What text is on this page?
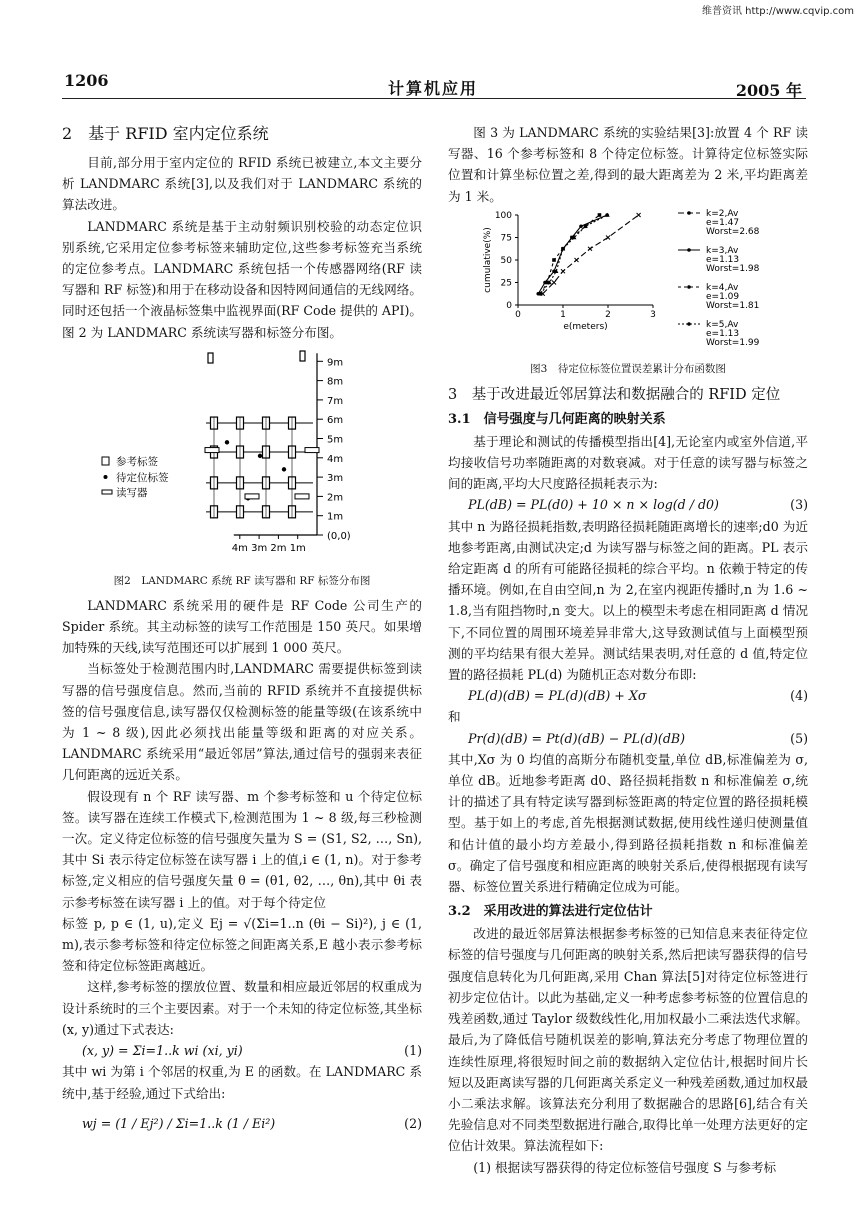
维普资讯 http://www.cqvip.com
1206	计算机应用	2005 年

2　基于 RFID 室内定位系统

目前,部分用于室内定位的 RFID 系统已被建立,本文主要分析 LANDMARC 系统[3],以及我们对于 LANDMARC 系统的算法改进。

LANDMARC 系统是基于主动射频识别校验的动态定位识别系统,它采用定位参考标签来辅助定位,这些参考标签充当系统的定位参考点。LANDMARC 系统包括一个传感器网络(RF 读写器和 RF 标签)和用于在移动设备和因特网间通信的无线网络。同时还包括一个液晶标签集中监视界面(RF Code 提供的 API)。图 2 为 LANDMARC 系统读写器和标签分布图。

9m
8m
7m
6m
5m
4m
3m
2m
1m
(0,0)
4m 3m 2m 1m
参考标签
待定位标签
读写器
图2　LANDMARC 系统 RF 读写器和 RF 标签分布图

LANDMARC 系统采用的硬件是 RF Code 公司生产的 Spider 系统。其主动标签的读写工作范围是 150 英尺。如果增加特殊的天线,读写范围还可以扩展到 1 000 英尺。

当标签处于检测范围内时,LANDMARC 需要提供标签到读写器的信号强度信息。然而,当前的 RFID 系统并不直接提供标签的信号强度信息,读写器仅仅检测标签的能量等级(在该系统中为 1 ~ 8 级),因此必须找出能量等级和距离的对应关系。LANDMARC 系统采用“最近邻居”算法,通过信号的强弱来表征几何距离的远近关系。

假设现有 n 个 RF 读写器、m 个参考标签和 u 个待定位标签。读写器在连续工作模式下,检测范围为 1 ~ 8 级,每三秒检测一次。定义待定位标签的信号强度矢量为 S = (S1, S2, …, Sn),其中 Si 表示待定位标签在读写器 i 上的值,i ∈ (1, n)。对于参考标签,定义相应的信号强度矢量 θ = (θ1, θ2, …, θn),其中 θi 表示参考标签在读写器 i 上的值。对于每个待定位

标签 p, p ∈ (1, u),定义 Ej = √(Σi=1..n (θi − Si)²), j ∈ (1, m),表示参考标签和待定位标签之间距离关系,E 越小表示参考标签和待定位标签距离越近。

这样,参考标签的摆放位置、数量和相应最近邻居的权重成为设计系统时的三个主要因素。对于一个未知的待定位标签,其坐标(x, y)通过下式表达:

(x, y) = Σi=1..k wi (xi, yi)	(1)

其中 wi 为第 i 个邻居的权重,为 E 的函数。在 LANDMARC 系统中,基于经验,通过下式给出:

wj = (1 / Ej²) / Σi=1..k (1 / Ei²)	(2)

图 3 为 LANDMARC 系统的实验结果[3]:放置 4 个 RF 读写器、16 个参考标签和 8 个待定位标签。计算待定位标签实际位置和计算坐标位置之差,得到的最大距离差为 2 米,平均距离差为 1 米。

0
25
50
75
100
0	1	2	3
e(meters)
cumulative(%)
k=2,Av
e=1.47
Worst=2.68
k=3,Av
e=1.13
Worst=1.98
k=4,Av
e=1.09
Worst=1.81
k=5,Av
e=1.13
Worst=1.99
图3　待定位标签位置误差累计分布函数图

3　基于改进最近邻居算法和数据融合的 RFID 定位

3.1　信号强度与几何距离的映射关系

基于理论和测试的传播模型指出[4],无论室内或室外信道,平均接收信号功率随距离的对数衰减。对于任意的读写器与标签之间的距离,平均大尺度路径损耗表示为:

PL(dB) = PL(d0) + 10 × n × log(d / d0)	(3)

其中 n 为路径损耗指数,表明路径损耗随距离增长的速率;d0 为近地参考距离,由测试决定;d 为读写器与标签之间的距离。PL 表示给定距离 d 的所有可能路径损耗的综合平均。n 依赖于特定的传播环境。例如,在自由空间,n 为 2,在室内视距传播时,n 为 1.6 ~ 1.8,当有阻挡物时,n 变大。以上的模型未考虑在相同距离 d 情况下,不同位置的周围环境差异非常大,这导致测试值与上面模型预测的平均结果有很大差异。测试结果表明,对任意的 d 值,特定位置的路径损耗 PL(d) 为随机正态对数分布即:

PL(d)(dB) = PL(d)(dB) + Xσ	(4)

和

Pr(d)(dB) = Pt(d)(dB) − PL(d)(dB)	(5)

其中,Xσ 为 0 均值的高斯分布随机变量,单位 dB,标准偏差为 σ,单位 dB。近地参考距离 d0、路径损耗指数 n 和标准偏差 σ,统计的描述了具有特定读写器到标签距离的特定位置的路径损耗模型。基于如上的考虑,首先根据测试数据,使用线性递归使测量值和估计值的最小均方差最小,得到路径损耗指数 n 和标准偏差 σ。确定了信号强度和相应距离的映射关系后,使得根据现有读写器、标签位置关系进行精确定位成为可能。

3.2　采用改进的算法进行定位估计

改进的最近邻居算法根据参考标签的已知信息来表征待定位标签的信号强度与几何距离的映射关系,然后把读写器获得的信号强度信息转化为几何距离,采用 Chan 算法[5]对待定位标签进行初步定位估计。以此为基础,定义一种考虑参考标签的位置信息的残差函数,通过 Taylor 级数线性化,用加权最小二乘法迭代求解。最后,为了降低信号随机误差的影响,算法充分考虑了物理位置的连续性原理,将很短时间之前的数据纳入定位估计,根据时间片长短以及距离读写器的几何距离关系定义一种残差函数,通过加权最小二乘法求解。该算法充分利用了数据融合的思路[6],结合有关先验信息对不同类型数据进行融合,取得比单一处理方法更好的定位估计效果。算法流程如下:

(1) 根据读写器获得的待定位标签信号强度 S 与参考标
